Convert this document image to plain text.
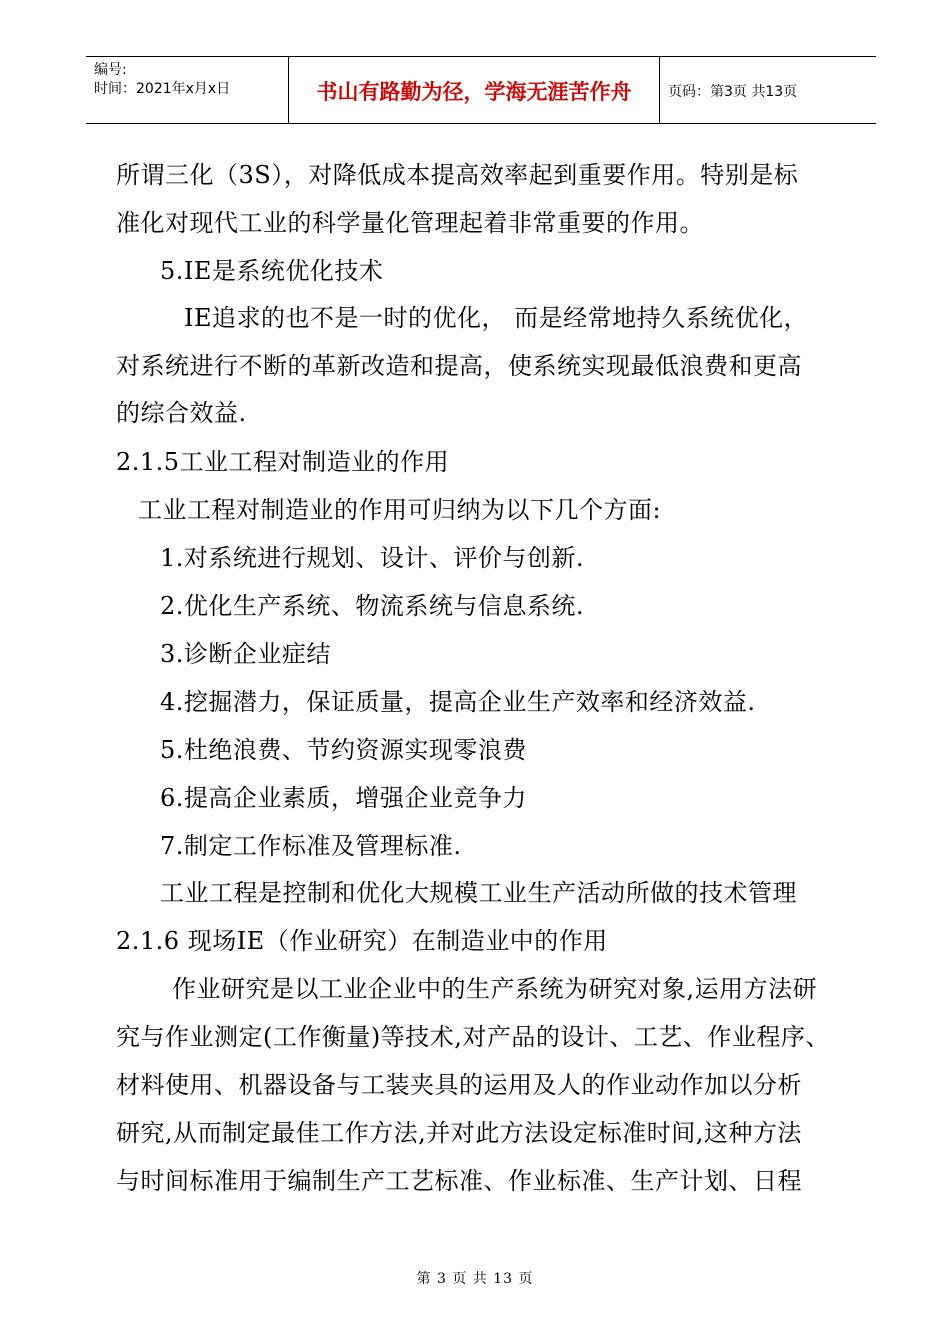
编号:
时间：2021年x月x日	书山有路勤为径，学海无涯苦作舟	页码：第3页 共13页
所谓三化（3S），对降低成本提高效率起到重要作用。特别是标
准化对现代工业的科学量化管理起着非常重要的作用。
5.IE是系统优化技术
IE追求的也不是一时的优化， 而是经常地持久系统优化，
对系统进行不断的革新改造和提高，使系统实现最低浪费和更高
的综合效益.
2.1.5工业工程对制造业的作用
工业工程对制造业的作用可归纳为以下几个方面:
1.对系统进行规划、设计、评价与创新.
2.优化生产系统、物流系统与信息系统.
3.诊断企业症结
4.挖掘潜力，保证质量，提高企业生产效率和经济效益.
5.杜绝浪费、节约资源实现零浪费
6.提高企业素质，增强企业竞争力
7.制定工作标准及管理标准.
工业工程是控制和优化大规模工业生产活动所做的技术管理
2.1.6 现场IE（作业研究）在制造业中的作用
作业研究是以工业企业中的生产系统为研究对象,运用方法研
究与作业测定(工作衡量)等技术,对产品的设计、工艺、作业程序、
材料使用、机器设备与工装夹具的运用及人的作业动作加以分析
研究,从而制定最佳工作方法,并对此方法设定标准时间,这种方法
与时间标准用于编制生产工艺标准、作业标准、生产计划、日程
第 3 页 共 13 页
